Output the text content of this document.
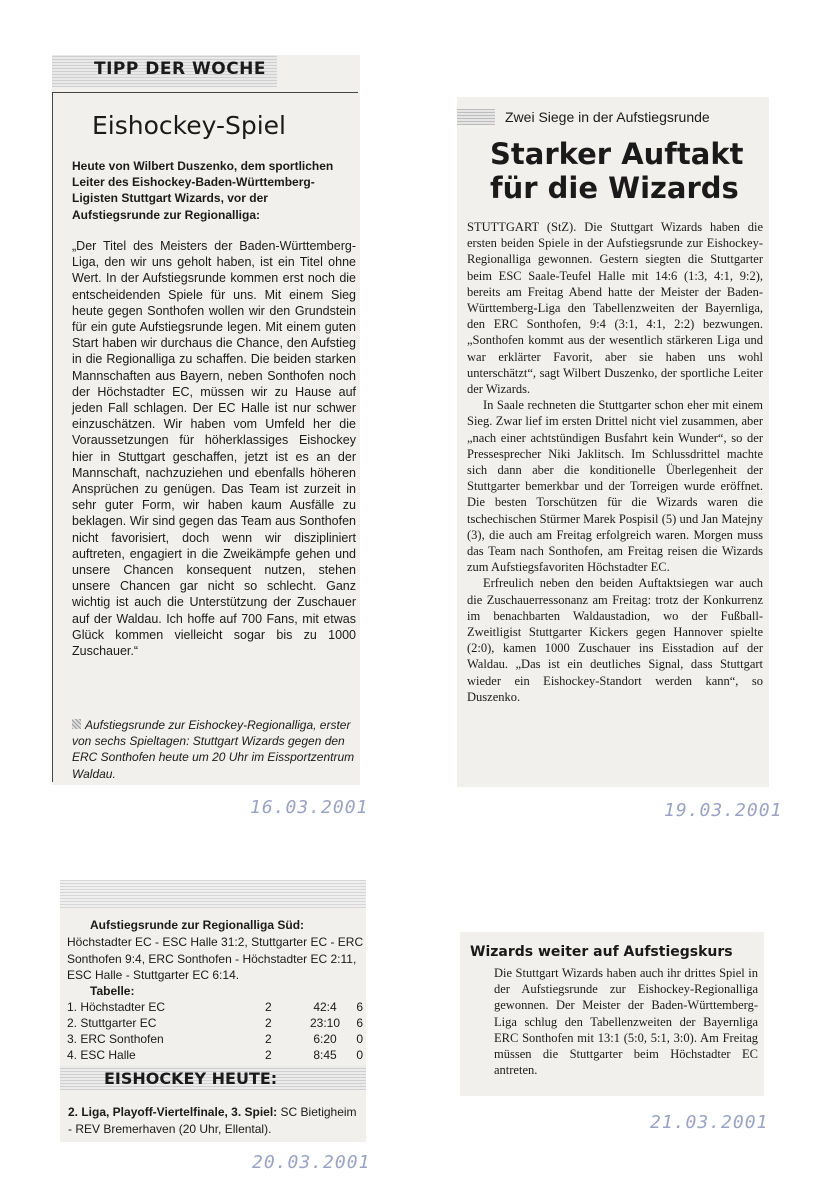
TIPP DER WOCHE
Eishockey-Spiel
Heute von Wilbert Duszenko, dem sportlichen Leiter des Eishockey-Baden-Württemberg-Ligisten Stuttgart Wizards, vor der Aufstiegsrunde zur Regionalliga:
„Der Titel des Meisters der Baden-Württemberg-Liga, den wir uns geholt haben, ist ein Titel ohne Wert. In der Aufstiegsrunde kommen erst noch die entscheidenden Spiele für uns. Mit einem Sieg heute gegen Sonthofen wollen wir den Grundstein für ein gute Aufstiegsrunde legen. Mit einem guten Start haben wir durchaus die Chance, den Aufstieg in die Regionalliga zu schaffen. Die beiden starken Mannschaften aus Bayern, neben Sonthofen noch der Höchstadter EC, müssen wir zu Hause auf jeden Fall schlagen. Der EC Halle ist nur schwer einzuschätzen. Wir haben vom Umfeld her die Voraussetzungen für höherklassiges Eishockey hier in Stuttgart geschaffen, jetzt ist es an der Mannschaft, nachzuziehen und ebenfalls höheren Ansprüchen zu genügen. Das Team ist zurzeit in sehr guter Form, wir haben kaum Ausfälle zu beklagen. Wir sind gegen das Team aus Sonthofen nicht favorisiert, doch wenn wir diszipliniert auftreten, engagiert in die Zweikämpfe gehen und unsere Chancen konsequent nutzen, stehen unsere Chancen gar nicht so schlecht. Ganz wichtig ist auch die Unterstützung der Zuschauer auf der Waldau. Ich hoffe auf 700 Fans, mit etwas Glück kommen vielleicht sogar bis zu 1000 Zuschauer.“
Aufstiegsrunde zur Eishockey-Regionalliga, erster von sechs Spieltagen: Stuttgart Wizards gegen den ERC Sonthofen heute um 20 Uhr im Eissportzentrum Waldau.
16.03.2001
Zwei Siege in der Aufstiegsrunde
Starker Auftakt für die Wizards

STUTTGART (StZ). Die Stuttgart Wizards haben die ersten beiden Spiele in der Aufstiegsrunde zur Eishockey-Regionalliga gewonnen. Gestern siegten die Stuttgarter beim ESC Saale-Teufel Halle mit 14:6 (1:3, 4:1, 9:2), bereits am Freitag Abend hatte der Meister der Baden-Württemberg-Liga den Tabellenzweiten der Bayernliga, den ERC Sonthofen, 9:4 (3:1, 4:1, 2:2) bezwungen. „Sonthofen kommt aus der wesentlich stärkeren Liga und war erklärter Favorit, aber sie haben uns wohl unterschätzt“, sagt Wilbert Duszenko, der sportliche Leiter der Wizards.

In Saale rechneten die Stuttgarter schon eher mit einem Sieg. Zwar lief im ersten Drittel nicht viel zusammen, aber „nach einer achtstündigen Busfahrt kein Wunder“, so der Pressesprecher Niki Jaklitsch. Im Schlussdrittel machte sich dann aber die konditionelle Überlegenheit der Stuttgarter bemerkbar und der Torreigen wurde eröffnet. Die besten Torschützen für die Wizards waren die tschechischen Stürmer Marek Pospisil (5) und Jan Matejny (3), die auch am Freitag erfolgreich waren. Morgen muss das Team nach Sonthofen, am Freitag reisen die Wizards zum Aufstiegsfavoriten Höchstadter EC.

Erfreulich neben den beiden Auftaktsiegen war auch die Zuschauerressonanz am Freitag: trotz der Konkurrenz im benachbarten Waldaustadion, wo der Fußball-Zweitligist Stuttgarter Kickers gegen Hannover spielte (2:0), kamen 1000 Zuschauer ins Eisstadion auf der Waldau. „Das ist ein deutliches Signal, dass Stuttgart wieder ein Eishockey-Standort werden kann“, so Duszenko.

19.03.2001
Aufstiegsrunde zur Regionalliga Süd:
Höchstadter EC - ESC Halle 31:2, Stuttgarter EC - ERC Sonthofen 9:4, ERC Sonthofen - Höchstadter EC 2:11, ESC Halle - Stuttgarter EC 6:14.
Tabelle:
1. Höchstadter EC	2	42:4	6
2. Stuttgarter EC	2	23:10	6
3. ERC Sonthofen	2	6:20	0
4. ESC Halle	2	8:45	0
EISHOCKEY HEUTE:
2. Liga, Playoff-Viertelfinale, 3. Spiel: SC Bietigheim - REV Bremerhaven (20 Uhr, Ellental).
20.03.2001
Wizards weiter auf Aufstiegskurs
Die Stuttgart Wizards haben auch ihr drittes Spiel in der Aufstiegsrunde zur Eishockey-Regionalliga gewonnen. Der Meister der Baden-Württemberg-Liga schlug den Tabellenzweiten der Bayernliga ERC Sonthofen mit 13:1 (5:0, 5:1, 3:0). Am Freitag müssen die Stuttgarter beim Höchstadter EC antreten.
21.03.2001
